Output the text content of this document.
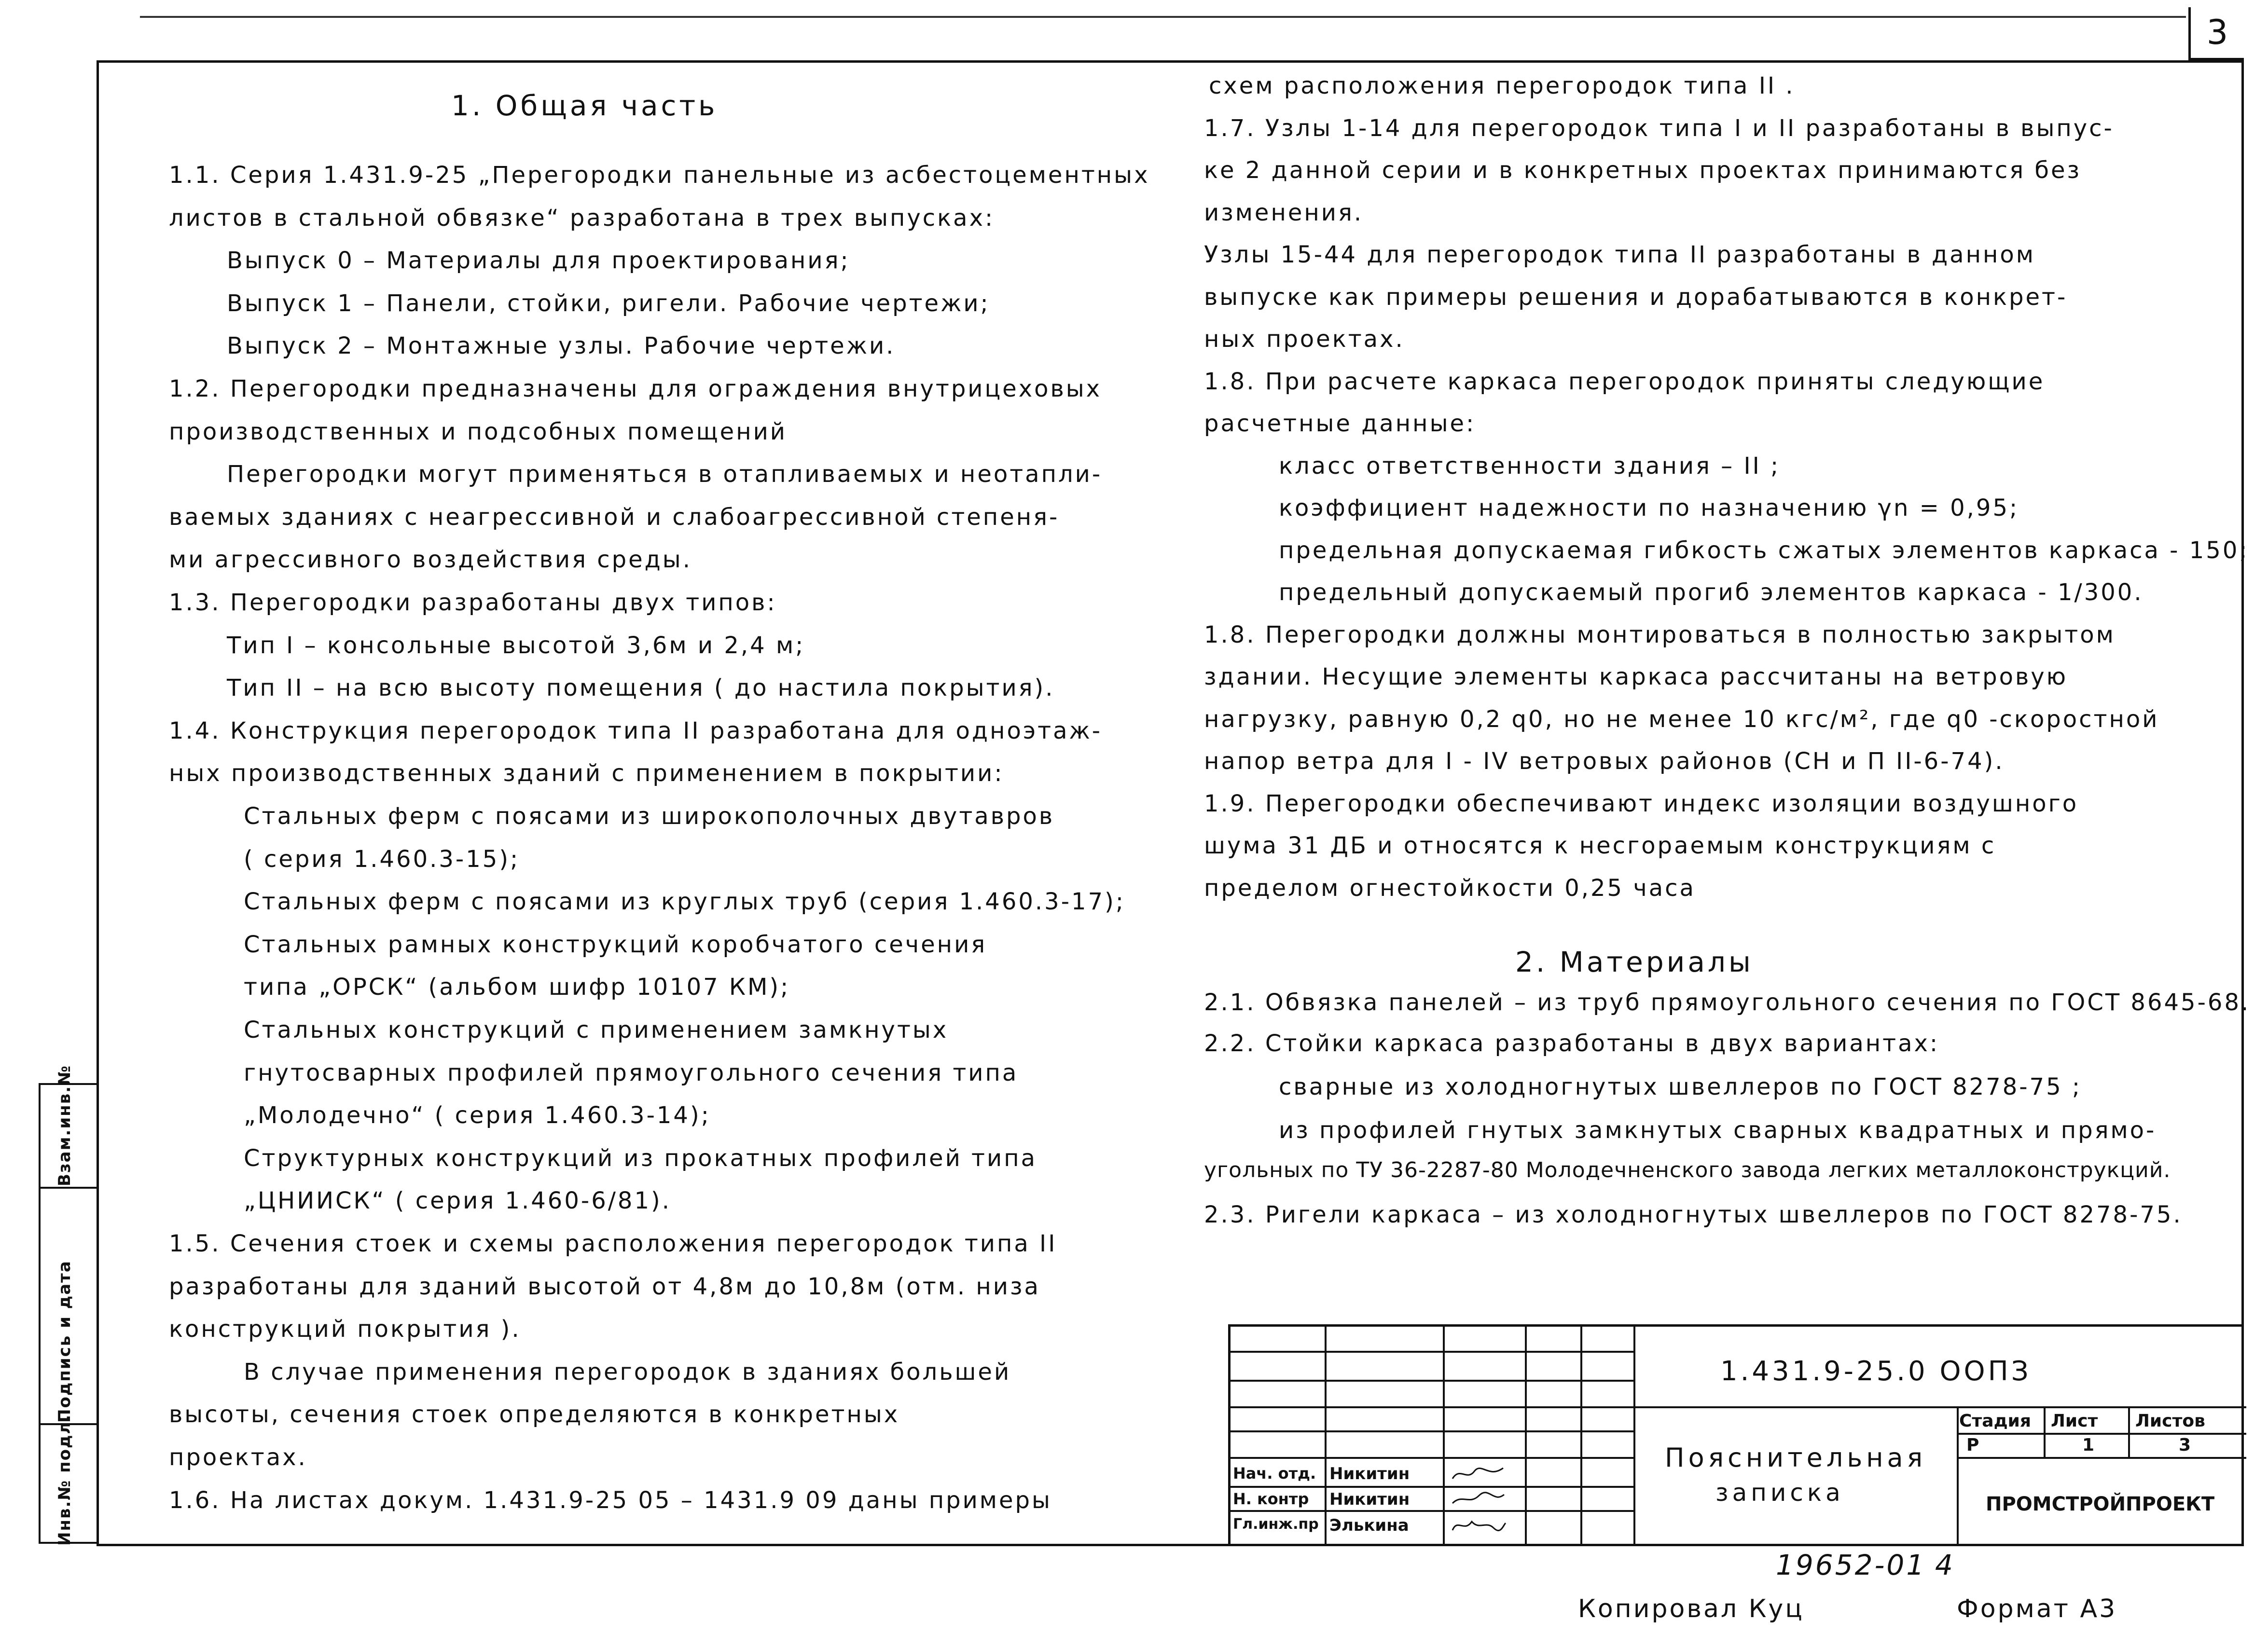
3
Инв.№ подл.
Подпись и дата
Взам.инв.№
1. Общая часть
1.1. Серия 1.431.9-25 „Перегородки панельные из асбестоцементных
листов в стальной обвязке“ разработана в трех выпусках:
Выпуск 0 – Материалы для проектирования;
Выпуск 1 – Панели, стойки, ригели. Рабочие чертежи;
Выпуск 2 – Монтажные узлы. Рабочие чертежи.
1.2. Перегородки предназначены для ограждения внутрицеховых
производственных и подсобных помещений
Перегородки могут применяться в отапливаемых и неотапли-
ваемых зданиях с неагрессивной и слабоагрессивной степеня-
ми агрессивного воздействия среды.
1.3. Перегородки разработаны двух типов:
Тип I – консольные высотой 3,6м и 2,4 м;
Тип II – на всю высоту помещения ( до настила покрытия).
1.4. Конструкция перегородок типа II разработана для одноэтаж-
ных производственных зданий с применением в покрытии:
Стальных ферм с поясами из широкополочных двутавров
( серия 1.460.3-15);
Стальных ферм с поясами из круглых труб (серия 1.460.3-17);
Стальных рамных конструкций коробчатого сечения
типа „ОРСК“ (альбом шифр 10107 КМ);
Стальных конструкций с применением замкнутых
гнутосварных профилей прямоугольного сечения типа
„Молодечно“ ( серия 1.460.3-14);
Структурных конструкций из прокатных профилей типа
„ЦНИИСК“ ( серия 1.460-6/81).
1.5. Сечения стоек и схемы расположения перегородок типа II
разработаны для зданий высотой от 4,8м до 10,8м (отм. низа
конструкций покрытия ).
В случае применения перегородок в зданиях большей
высоты, сечения стоек определяются в конкретных
проектах.
1.6. На листах докум. 1.431.9-25 05 – 1431.9 09 даны примеры
схем расположения перегородок типа II .
1.7. Узлы 1-14 для перегородок типа I и II разработаны в выпус-
ке 2 данной серии и в конкретных проектах принимаются без
изменения.
Узлы 15-44 для перегородок типа II разработаны в данном
выпуске как примеры решения и дорабатываются в конкрет-
ных проектах.
1.8. При расчете каркаса перегородок приняты следующие
расчетные данные:
класс ответственности здания – II ;
коэффициент надежности по назначению γn = 0,95;
предельная допускаемая гибкость сжатых элементов каркаса - 150;
предельный допускаемый прогиб элементов каркаса - 1/300.
1.8. Перегородки должны монтироваться в полностью закрытом
здании. Несущие элементы каркаса рассчитаны на ветровую
нагрузку, равную 0,2 q0, но не менее 10 кгс/м², где q0 -скоростной
напор ветра для I - IV ветровых районов (СН и П II-6-74).
1.9. Перегородки обеспечивают индекс изоляции воздушного
шума 31 ДБ и относятся к несгораемым конструкциям с
пределом огнестойкости 0,25 часа
2. Материалы
2.1. Обвязка панелей – из труб прямоугольного сечения по ГОСТ 8645-68.
2.2. Стойки каркаса разработаны в двух вариантах:
сварные из холодногнутых швеллеров по ГОСТ 8278-75 ;
из профилей гнутых замкнутых сварных квадратных и прямо-
угольных по ТУ 36-2287-80 Молодечненского завода легких металлоконструкций.
2.3. Ригели каркаса – из холодногнутых швеллеров по ГОСТ 8278-75.
1.431.9-25.0 ООПЗ
Пояснительная
записка
Стадия Лист Листов
Р	1	3
ПРОМСТРОЙПРОЕКТ
Нач. отд. Никитин
Н. контр Никитин
Гл.инж.пр Элькина
19652-01 4
Копировал Куц	Формат А3
